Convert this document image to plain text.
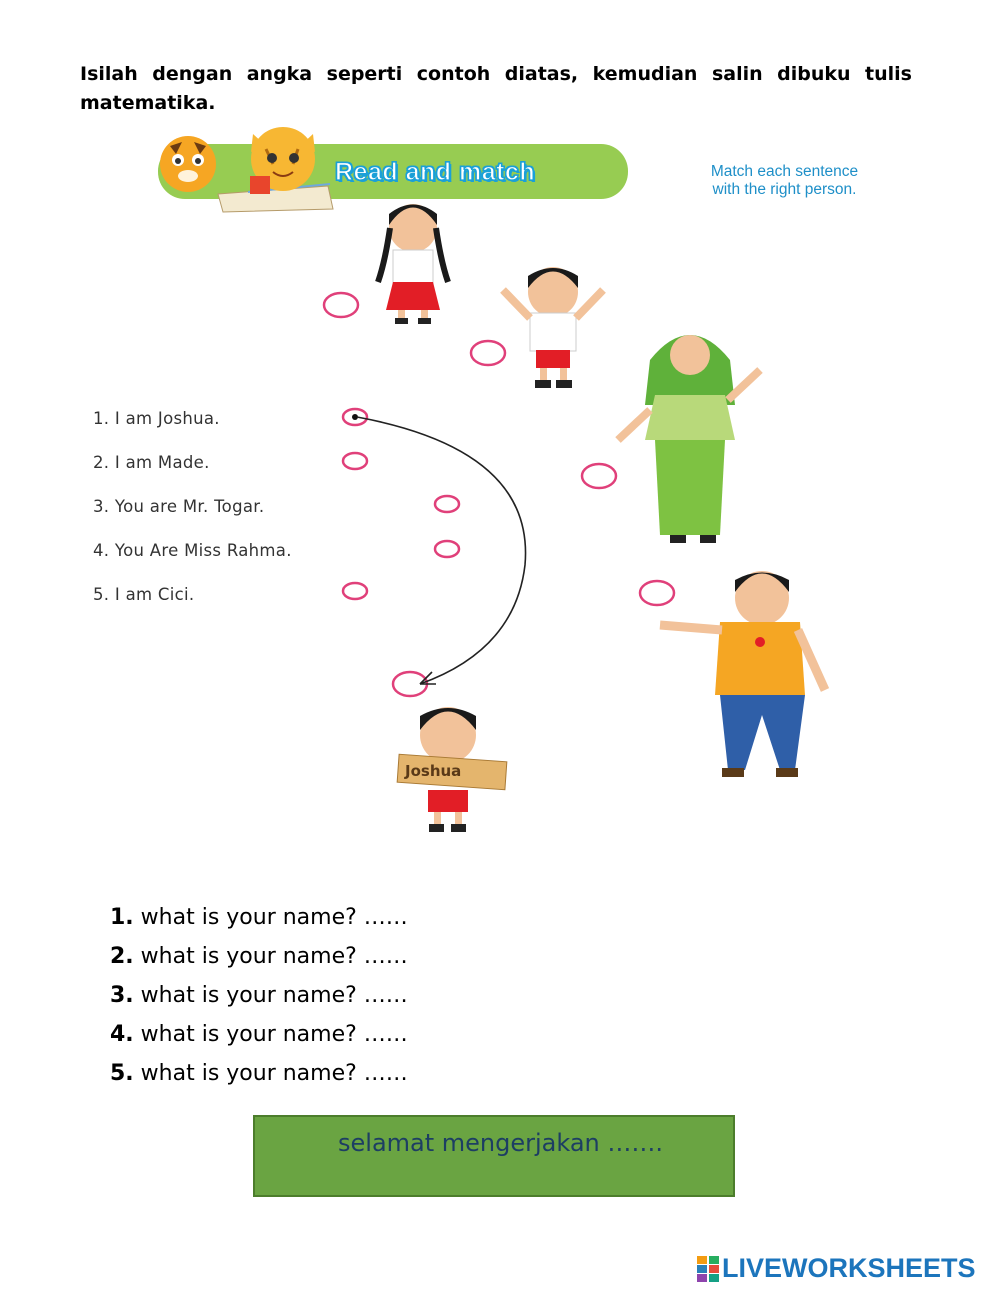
Isilah dengan angka seperti contoh diatas, kemudian salin dibuku tulis matematika.

Read and match	Match each sentence
with the right person.
Joshua
1. I am Joshua.
2. I am Made.
3. You are Mr. Togar.
4. You Are Miss Rahma.
5. I am Cici.
1. what is your name? ……
2. what is your name? ……
3. what is your name? ……
4. what is your name? ……
5. what is your name? ……
selamat mengerjakan …….
LIVEWORKSHEETS
